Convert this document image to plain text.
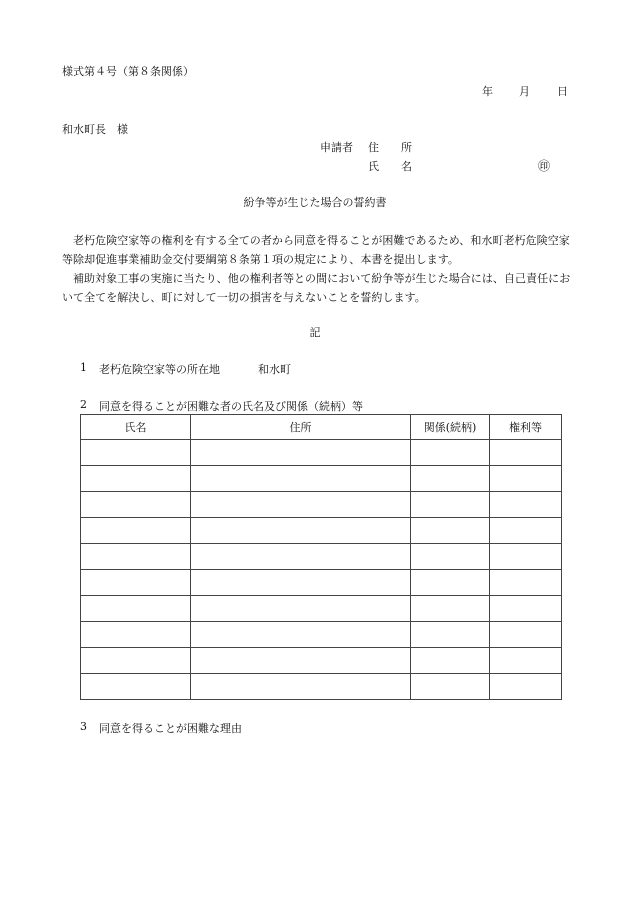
様式第４号（第８条関係）
年 月 日
和水町長　様
申請者 住　　所
氏　　名	㊞
紛争等が生じた場合の誓約書
老朽危険空家等の権利を有する全ての者から同意を得ることが困難であるため、和水町老朽危険空家等除却促進事業補助金交付要綱第８条第１項の規定により、本書を提出します。
補助対象工事の実施に当たり、他の権利者等との間において紛争等が生じた場合には、自己責任において全てを解決し、町に対して一切の損害を与えないことを誓約します。
記
1 老朽危険空家等の所在地	和水町
2 同意を得ることが困難な者の氏名及び関係（続柄）等
氏名	住所	関係(続柄)	権利等

3 同意を得ることが困難な理由
